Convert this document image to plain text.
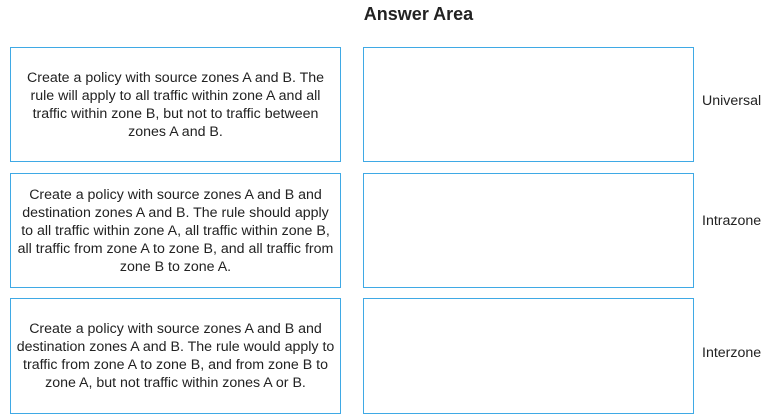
Answer Area
Create a policy with source zones A and B. The rule will apply to all traffic within zone A and all traffic within zone B, but not to traffic between zones A and B.
Create a policy with source zones A and B and destination zones A and B. The rule should apply to all traffic within zone A, all traffic within zone B, all traffic from zone A to zone B, and all traffic from zone B to zone A.
Create a policy with source zones A and B and destination zones A and B. The rule would apply to traffic from zone A to zone B, and from zone B to zone A, but not traffic within zones A or B.
Universal
Intrazone
Interzone
